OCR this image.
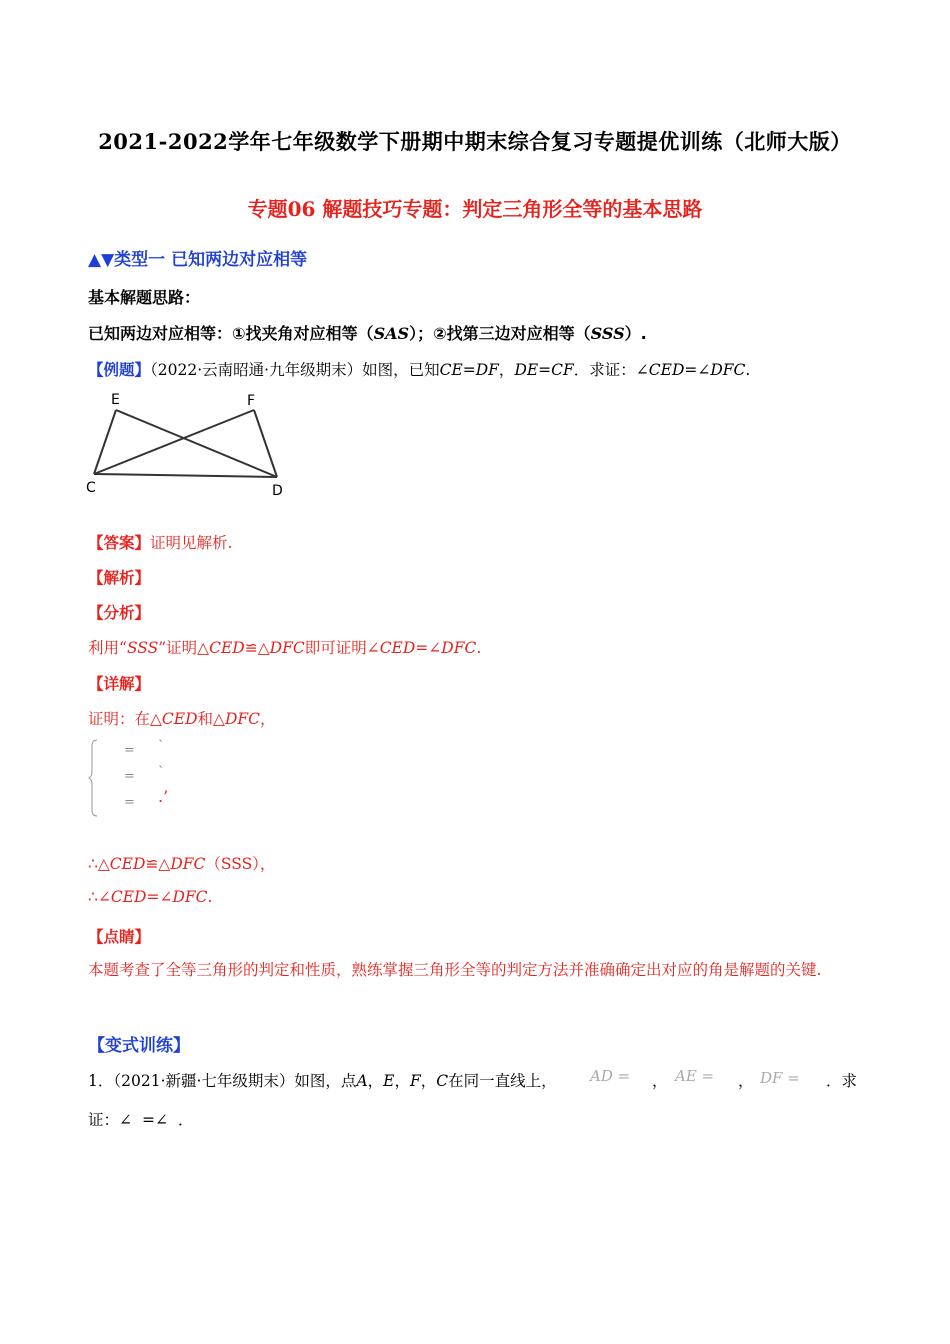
2021-2022学年七年级数学下册期中期末综合复习专题提优训练（北师大版）
专题06 解题技巧专题：判定三角形全等的基本思路
▲▼类型一 已知两边对应相等
基本解题思路：
已知两边对应相等：①找夹角对应相等（SAS）；②找第三边对应相等（SSS）.
【例题】（2022·云南昭通·九年级期末）如图，已知CE=DF，DE=CF．求证：∠CED=∠DFC.
E	F
C	D
【答案】证明见解析.
【解析】
【分析】
利用“SSS”证明△CED≌△DFC即可证明∠CED=∠DFC.
【详解】
证明：在△CED和△DFC，
= `
= `
= .’
∴△CED≌△DFC（SSS），
∴∠CED=∠DFC.
【点睛】
本题考查了全等三角形的判定和性质，熟练掌握三角形全等的判定方法并准确确定出对应的角是解题的关键.
【变式训练】
1．（2021·新疆·七年级期末）如图，点A，E，F，C在同一直线上， AD = ， AE = ， DF = ．求
证：∠ =∠ ．
